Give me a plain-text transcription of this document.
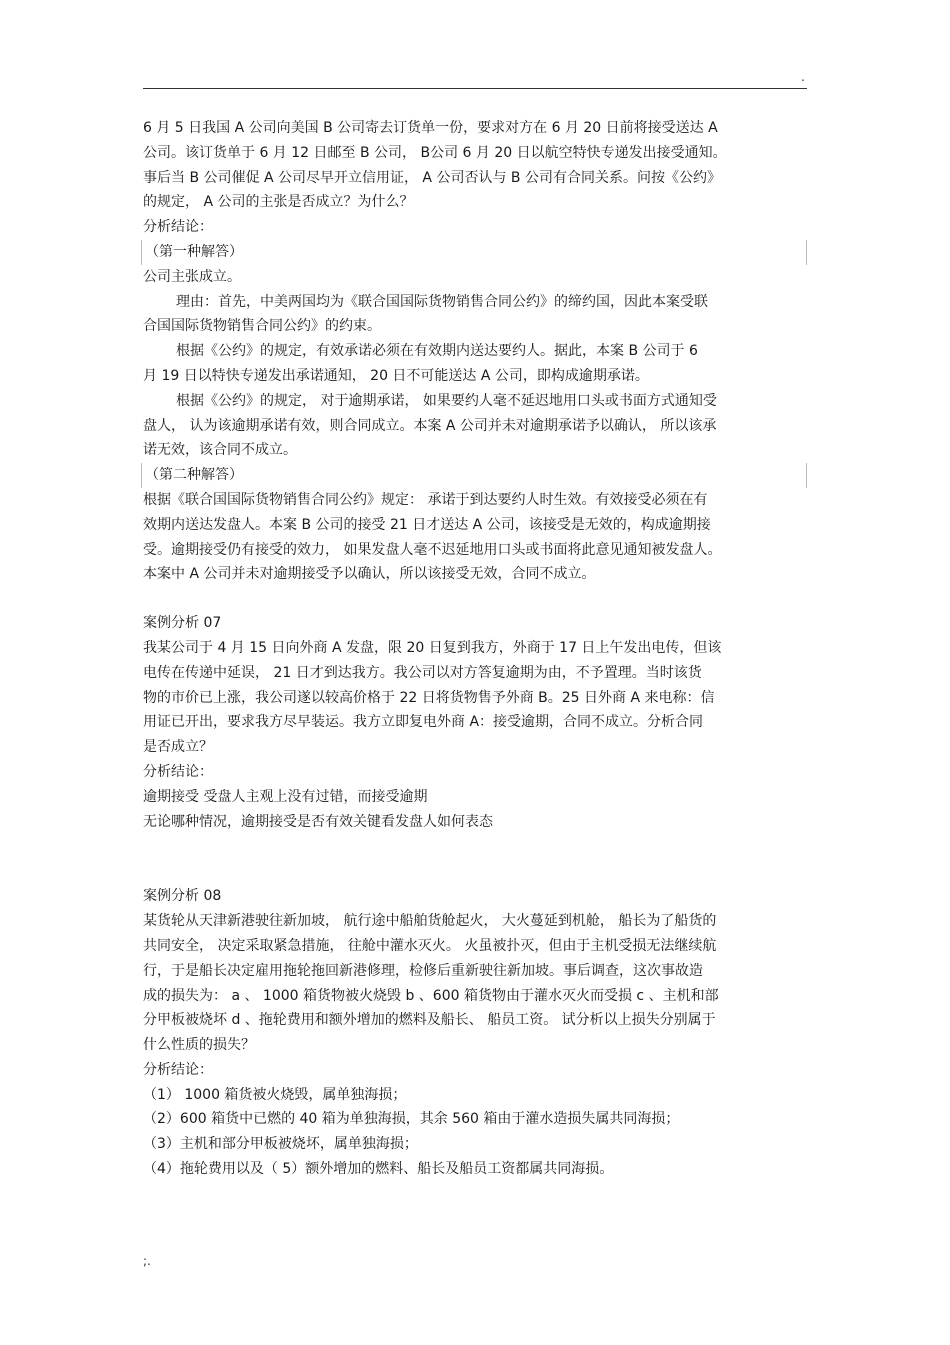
.
6 月 5 日我国 A 公司向美国 B 公司寄去订货单一份，要求对方在 6 月 20 日前将接受送达 A
公司。该订货单于 6 月 12 日邮至 B 公司， B公司 6 月 20 日以航空特快专递发出接受通知。
事后当 B 公司催促 A 公司尽早开立信用证， A 公司否认与 B 公司有合同关系。问按《公约》
的规定， A 公司的主张是否成立？为什么？
分析结论：
（第一种解答）
公司主张成立。
理由：首先，中美两国均为《联合国国际货物销售合同公约》的缔约国，因此本案受联
合国国际货物销售合同公约》的约束。
根据《公约》的规定，有效承诺必须在有效期内送达要约人。据此，本案 B 公司于 6
月 19 日以特快专递发出承诺通知， 20 日不可能送达 A 公司，即构成逾期承诺。
根据《公约》的规定， 对于逾期承诺， 如果要约人毫不延迟地用口头或书面方式通知受
盘人， 认为该逾期承诺有效，则合同成立。本案 A 公司并未对逾期承诺予以确认， 所以该承
诺无效，该合同不成立。
（第二种解答）
根据《联合国国际货物销售合同公约》规定： 承诺于到达要约人时生效。有效接受必须在有
效期内送达发盘人。本案 B 公司的接受 21 日才送达 A 公司，该接受是无效的，构成逾期接
受。逾期接受仍有接受的效力， 如果发盘人毫不迟延地用口头或书面将此意见通知被发盘人。
本案中 A 公司并未对逾期接受予以确认，所以该接受无效，合同不成立。
案例分析 07
我某公司于 4 月 15 日向外商 A 发盘，限 20 日复到我方，外商于 17 日上午发出电传，但该
电传在传递中延误， 21 日才到达我方。我公司以对方答复逾期为由，不予置理。当时该货
物的市价已上涨，我公司遂以较高价格于 22 日将货物售予外商 B。25 日外商 A 来电称：信
用证已开出，要求我方尽早装运。我方立即复电外商 A：接受逾期，合同不成立。分析合同
是否成立？
分析结论：
逾期接受 受盘人主观上没有过错，而接受逾期
无论哪种情况，逾期接受是否有效关键看发盘人如何表态
案例分析 08
某货轮从天津新港驶往新加坡， 航行途中船舶货舱起火， 大火蔓延到机舱， 船长为了船货的
共同安全， 决定采取紧急措施， 往舱中灌水灭火。 火虽被扑灭，但由于主机受损无法继续航
行，于是船长决定雇用拖轮拖回新港修理，检修后重新驶往新加坡。事后调查，这次事故造
成的损失为： a 、 1000 箱货物被火烧毁 b 、600 箱货物由于灌水灭火而受损 c 、主机和部
分甲板被烧坏 d 、拖轮费用和额外增加的燃料及船长、 船员工资。 试分析以上损失分别属于
什么性质的损失？
分析结论：
（1） 1000 箱货被火烧毁，属单独海损；
（2）600 箱货中已燃的 40 箱为单独海损，其余 560 箱由于灌水造损失属共同海损；
（3）主机和部分甲板被烧坏，属单独海损；
（4）拖轮费用以及（ 5）额外增加的燃料、船长及船员工资都属共同海损。
;.
